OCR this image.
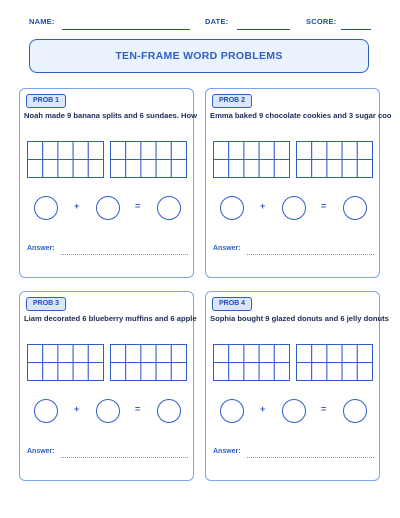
NAME:	DATE:	SCORE:
TEN-FRAME WORD PROBLEMS
PROB 1
Noah made 9 banana splits and 6 sundaes. How
+	=
Answer:
PROB 2
Emma baked 9 chocolate cookies and 3 sugar coo
+	=
Answer:
PROB 3
Liam decorated 6 blueberry muffins and 6 apple
+	=
Answer:
PROB 4
Sophia bought 9 glazed donuts and 6 jelly donuts
+	=
Answer:
